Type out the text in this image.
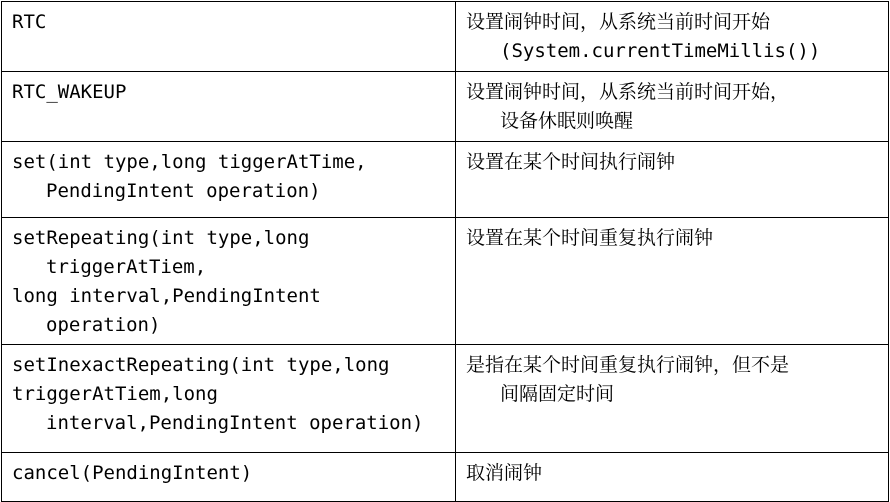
RTC	设置闹钟时间，从系统当前时间开始
(System.currentTimeMillis())

RTC_WAKEUP	设置闹钟时间，从系统当前时间开始，
设备休眠则唤醒

set(int type,long tiggerAtTime,
PendingIntent operation)	设置在某个时间执行闹钟

setRepeating(int type,long
triggerAtTiem,
long interval,PendingIntent
operation)	设置在某个时间重复执行闹钟

setInexactRepeating(int type,long
triggerAtTiem,long
interval,PendingIntent operation)	是指在某个时间重复执行闹钟，但不是
间隔固定时间

cancel(PendingIntent)	取消闹钟
